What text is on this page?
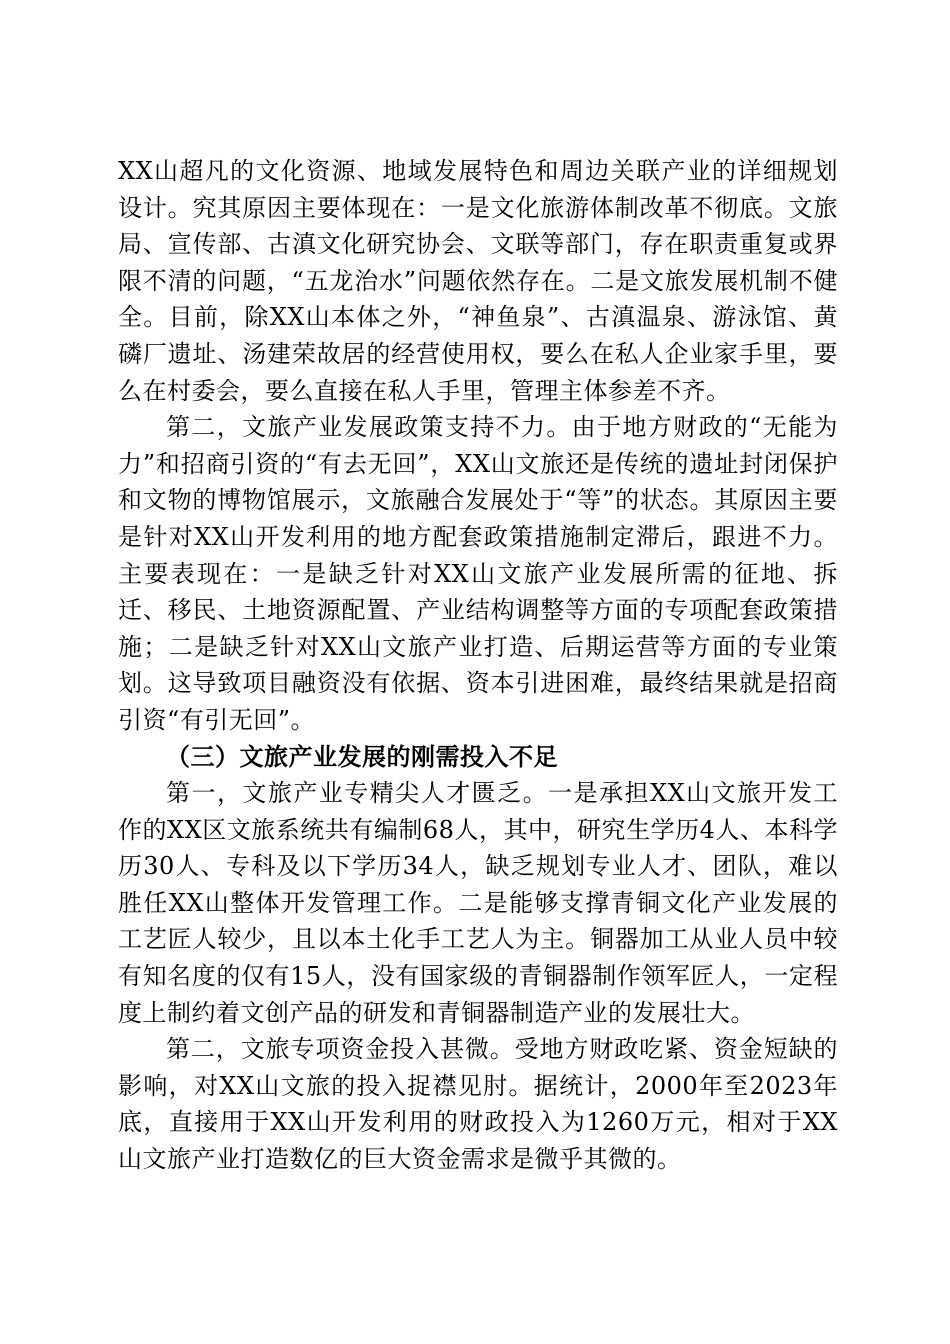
XX山超凡的文化资源、地域发展特色和周边关联产业的详细规划设计。究其原因主要体现在：一是文化旅游体制改革不彻底。文旅局、宣传部、古滇文化研究协会、文联等部门，存在职责重复或界限不清的问题，“五龙治水”问题依然存在。二是文旅发展机制不健全。目前，除XX山本体之外，“神鱼泉”、古滇温泉、游泳馆、黄磷厂遗址、汤建荣故居的经营使用权，要么在私人企业家手里，要么在村委会，要么直接在私人手里，管理主体参差不齐。

第二，文旅产业发展政策支持不力。由于地方财政的“无能为力”和招商引资的“有去无回”，XX山文旅还是传统的遗址封闭保护和文物的博物馆展示，文旅融合发展处于“等”的状态。其原因主要是针对XX山开发利用的地方配套政策措施制定滞后，跟进不力。主要表现在：一是缺乏针对XX山文旅产业发展所需的征地、拆迁、移民、土地资源配置、产业结构调整等方面的专项配套政策措施；二是缺乏针对XX山文旅产业打造、后期运营等方面的专业策划。这导致项目融资没有依据、资本引进困难，最终结果就是招商引资“有引无回”。

（三）文旅产业发展的刚需投入不足

第一，文旅产业专精尖人才匮乏。一是承担XX山文旅开发工作的XX区文旅系统共有编制68人，其中，研究生学历4人、本科学历30人、专科及以下学历34人，缺乏规划专业人才、团队，难以胜任XX山整体开发管理工作。二是能够支撑青铜文化产业发展的工艺匠人较少，且以本土化手工艺人为主。铜器加工从业人员中较有知名度的仅有15人，没有国家级的青铜器制作领军匠人，一定程度上制约着文创产品的研发和青铜器制造产业的发展壮大。

第二，文旅专项资金投入甚微。受地方财政吃紧、资金短缺的影响，对XX山文旅的投入捉襟见肘。据统计，2000年至2023年底，直接用于XX山开发利用的财政投入为1260万元，相对于XX山文旅产业打造数亿的巨大资金需求是微乎其微的。
